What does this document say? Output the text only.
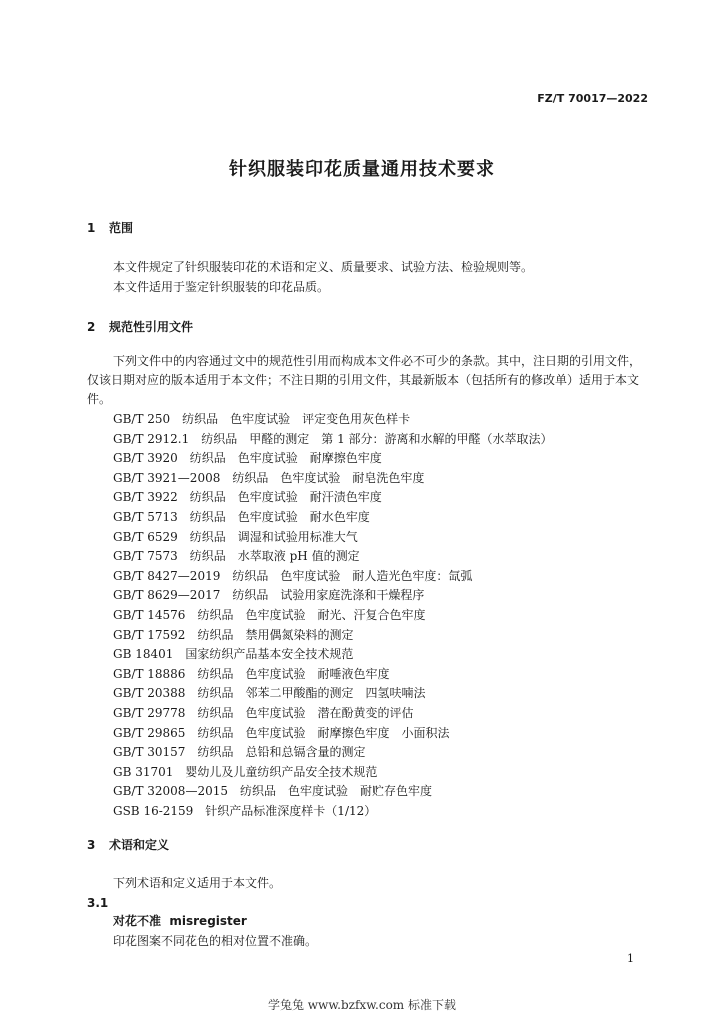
FZ/T 70017—2022
针织服装印花质量通用技术要求
1 范围
本文件规定了针织服装印花的术语和定义、质量要求、试验方法、检验规则等。
本文件适用于鉴定针织服装的印花品质。
2 规范性引用文件
下列文件中的内容通过文中的规范性引用而构成本文件必不可少的条款。其中，注日期的引用文件，仅该日期对应的版本适用于本文件；不注日期的引用文件，其最新版本（包括所有的修改单）适用于本文件。
GB/T 250　纺织品　色牢度试验　评定变色用灰色样卡
GB/T 2912.1　纺织品　甲醛的测定　第 1 部分：游离和水解的甲醛（水萃取法）
GB/T 3920　纺织品　色牢度试验　耐摩擦色牢度
GB/T 3921—2008　纺织品　色牢度试验　耐皂洗色牢度
GB/T 3922　纺织品　色牢度试验　耐汗渍色牢度
GB/T 5713　纺织品　色牢度试验　耐水色牢度
GB/T 6529　纺织品　调湿和试验用标准大气
GB/T 7573　纺织品　水萃取液 pH 值的测定
GB/T 8427—2019　纺织品　色牢度试验　耐人造光色牢度：氙弧
GB/T 8629—2017　纺织品　试验用家庭洗涤和干燥程序
GB/T 14576　纺织品　色牢度试验　耐光、汗复合色牢度
GB/T 17592　纺织品　禁用偶氮染料的测定
GB 18401　国家纺织产品基本安全技术规范
GB/T 18886　纺织品　色牢度试验　耐唾液色牢度
GB/T 20388　纺织品　邻苯二甲酸酯的测定　四氢呋喃法
GB/T 29778　纺织品　色牢度试验　潜在酚黄变的评估
GB/T 29865　纺织品　色牢度试验　耐摩擦色牢度　小面积法
GB/T 30157　纺织品　总铅和总镉含量的测定
GB 31701　婴幼儿及儿童纺织产品安全技术规范
GB/T 32008—2015　纺织品　色牢度试验　耐贮存色牢度
GSB 16-2159　针织产品标准深度样卡（1/12）
3 术语和定义
下列术语和定义适用于本文件。
3.1
对花不准 misregister
印花图案不同花色的相对位置不准确。
1
学兔兔 www.bzfxw.com 标准下载
